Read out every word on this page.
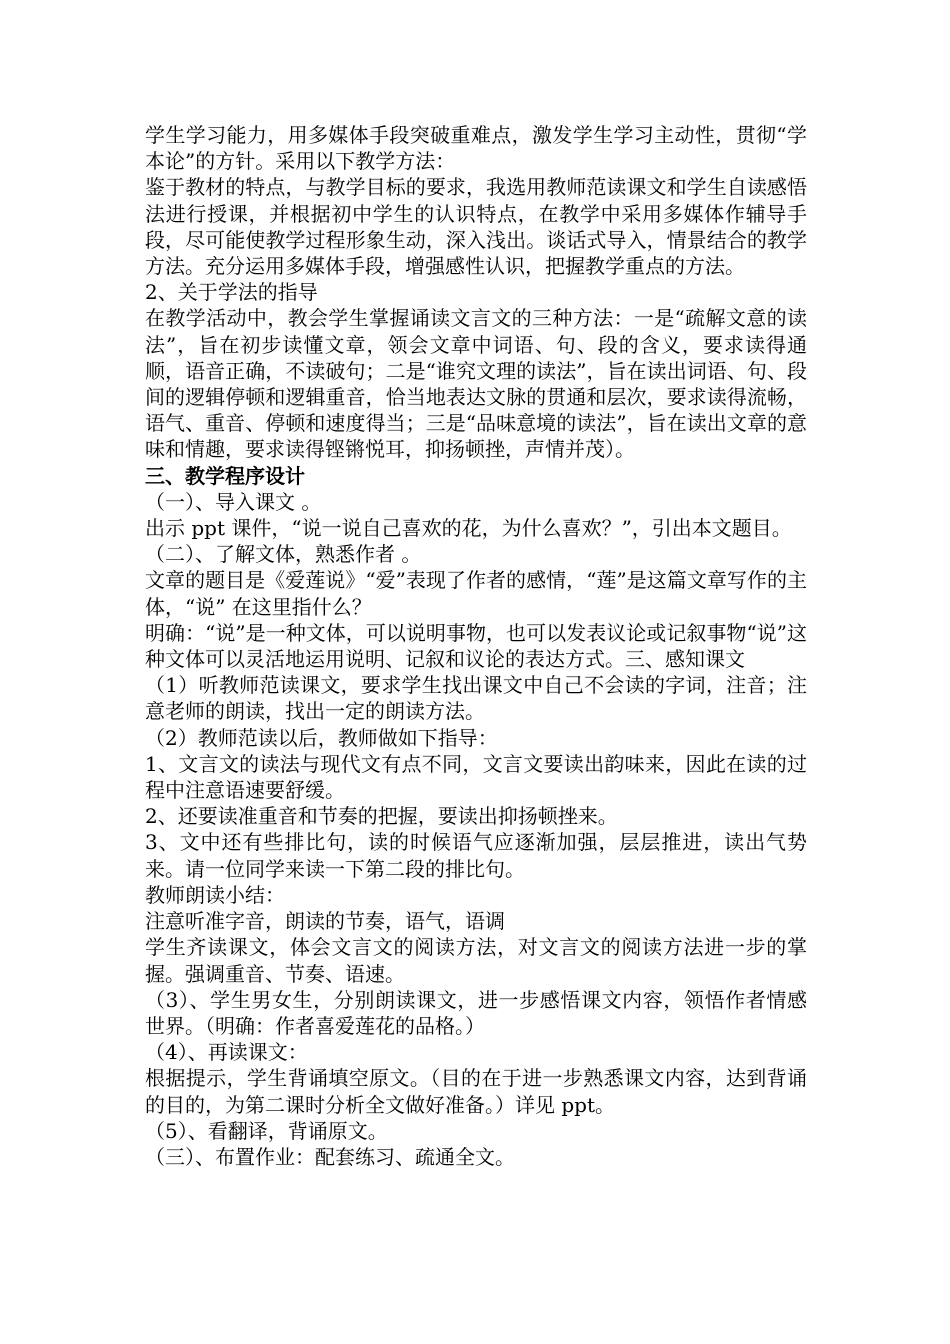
学生学习能力，用多媒体手段突破重难点，激发学生学习主动性，贯彻“学本论”的方针。采用以下教学方法：

鉴于教材的特点，与教学目标的要求，我选用教师范读课文和学生自读感悟法进行授课，并根据初中学生的认识特点，在教学中采用多媒体作辅导手段，尽可能使教学过程形象生动，深入浅出。谈话式导入，情景结合的教学方法。充分运用多媒体手段，增强感性认识，把握教学重点的方法。

2、关于学法的指导

在教学活动中，教会学生掌握诵读文言文的三种方法：一是“疏解文意的读法”，旨在初步读懂文章，领会文章中词语、句、段的含义，要求读得通顺，语音正确，不读破句；二是“谁究文理的读法”，旨在读出词语、句、段间的逻辑停顿和逻辑重音，恰当地表达文脉的贯通和层次，要求读得流畅，语气、重音、停顿和速度得当；三是“品味意境的读法”，旨在读出文章的意味和情趣，要求读得铿锵悦耳，抑扬顿挫，声情并茂）。

三、教学程序设计

（一）、导入课文 。

出示 ppt 课件，“说一说自己喜欢的花，为什么喜欢？”，引出本文题目。

（二）、了解文体，熟悉作者 。

文章的题目是《爱莲说》“爱”表现了作者的感情，“莲”是这篇文章写作的主体，“说” 在这里指什么？

明确：“说”是一种文体，可以说明事物，也可以发表议论或记叙事物“说”这种文体可以灵活地运用说明、记叙和议论的表达方式。三、感知课文

（1）听教师范读课文，要求学生找出课文中自己不会读的字词，注音；注意老师的朗读，找出一定的朗读方法。

（2）教师范读以后，教师做如下指导：

1、文言文的读法与现代文有点不同，文言文要读出韵味来，因此在读的过程中注意语速要舒缓。

2、还要读准重音和节奏的把握，要读出抑扬顿挫来。

3、文中还有些排比句，读的时候语气应逐渐加强，层层推进，读出气势来。请一位同学来读一下第二段的排比句。

教师朗读小结：

注意听准字音，朗读的节奏，语气，语调

学生齐读课文，体会文言文的阅读方法，对文言文的阅读方法进一步的掌握。强调重音、节奏、语速。

（3）、学生男女生，分别朗读课文，进一步感悟课文内容，领悟作者情感世界。（明确：作者喜爱莲花的品格。）

（4）、再读课文：

根据提示，学生背诵填空原文。（目的在于进一步熟悉课文内容，达到背诵的目的，为第二课时分析全文做好准备。）详见 ppt。

（5）、看翻译，背诵原文。

（三）、布置作业：配套练习、疏通全文。
